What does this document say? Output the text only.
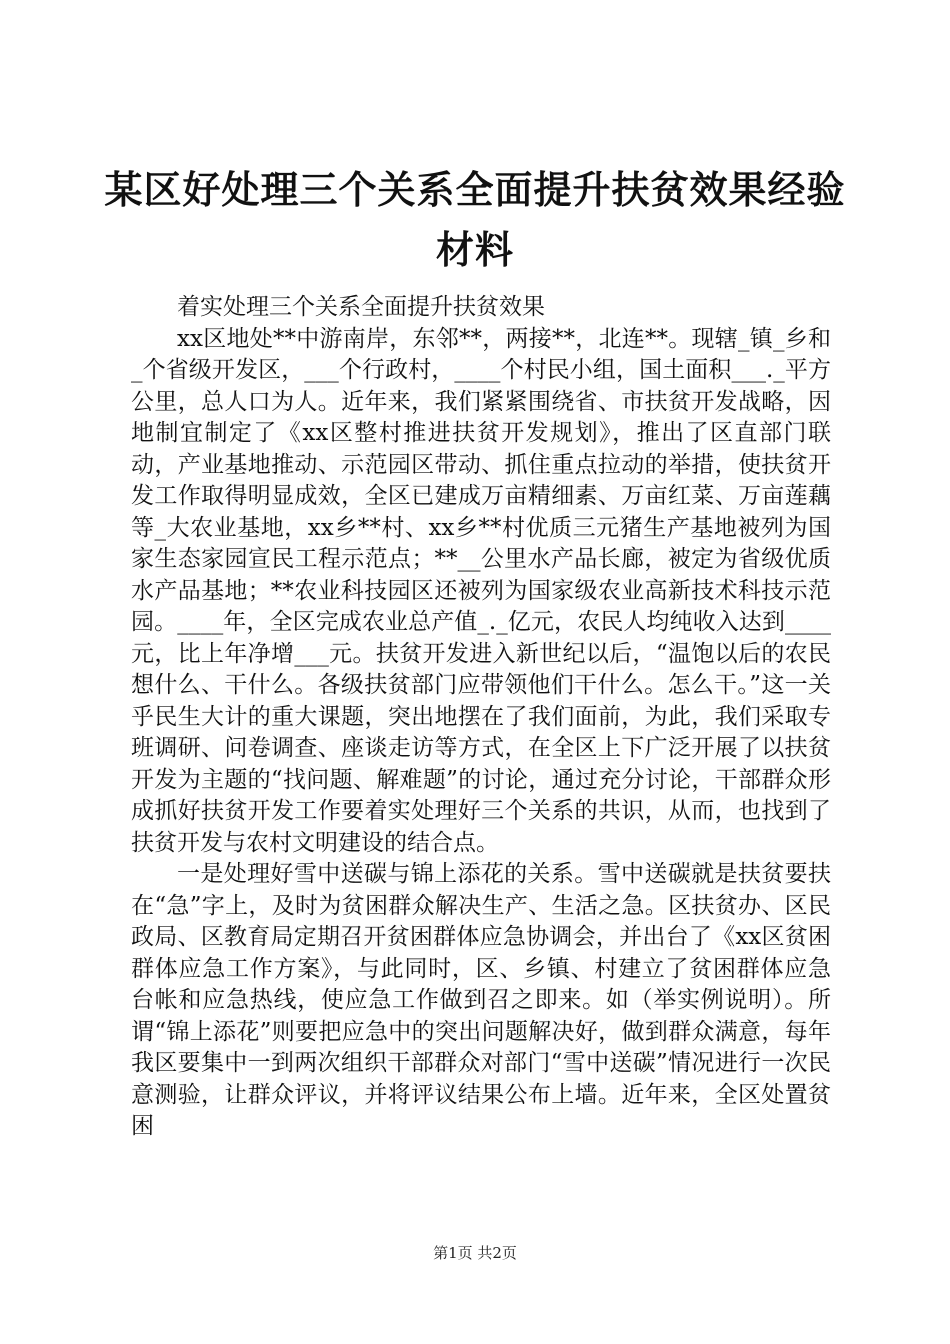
某区好处理三个关系全面提升扶贫效果经验材料

着实处理三个关系全面提升扶贫效果

xx区地处**中游南岸，东邻**，两接**，北连**。现辖_镇_乡和_个省级开发区，___个行政村，____个村民小组，国土面积___._平方公里，总人口为人。近年来，我们紧紧围绕省、市扶贫开发战略，因地制宜制定了《xx区整村推进扶贫开发规划》，推出了区直部门联动，产业基地推动、示范园区带动、抓住重点拉动的举措，使扶贫开发工作取得明显成效，全区已建成万亩精细素、万亩红菜、万亩莲藕等_大农业基地，xx乡**村、xx乡**村优质三元猪生产基地被列为国家生态家园宣民工程示范点；**__公里水产品长廊，被定为省级优质水产品基地；**农业科技园区还被列为国家级农业高新技术科技示范园。____年，全区完成农业总产值_._亿元，农民人均纯收入达到____元，比上年净增___元。扶贫开发进入新世纪以后，“温饱以后的农民想什么、干什么。各级扶贫部门应带领他们干什么。怎么干。”这一关乎民生大计的重大课题，突出地摆在了我们面前，为此，我们采取专班调研、问卷调查、座谈走访等方式，在全区上下广泛开展了以扶贫开发为主题的“找问题、解难题”的讨论，通过充分讨论，干部群众形成抓好扶贫开发工作要着实处理好三个关系的共识，从而，也找到了扶贫开发与农村文明建设的结合点。

一是处理好雪中送碳与锦上添花的关系。雪中送碳就是扶贫要扶在“急”字上，及时为贫困群众解决生产、生活之急。区扶贫办、区民政局、区教育局定期召开贫困群体应急协调会，并出台了《xx区贫困群体应急工作方案》，与此同时，区、乡镇、村建立了贫困群体应急台帐和应急热线，使应急工作做到召之即来。如（举实例说明）。所谓“锦上添花”则要把应急中的突出问题解决好，做到群众满意，每年我区要集中一到两次组织干部群众对部门“雪中送碳”情况进行一次民意测验，让群众评议，并将评议结果公布上墙。近年来，全区处置贫困

第1页 共2页
